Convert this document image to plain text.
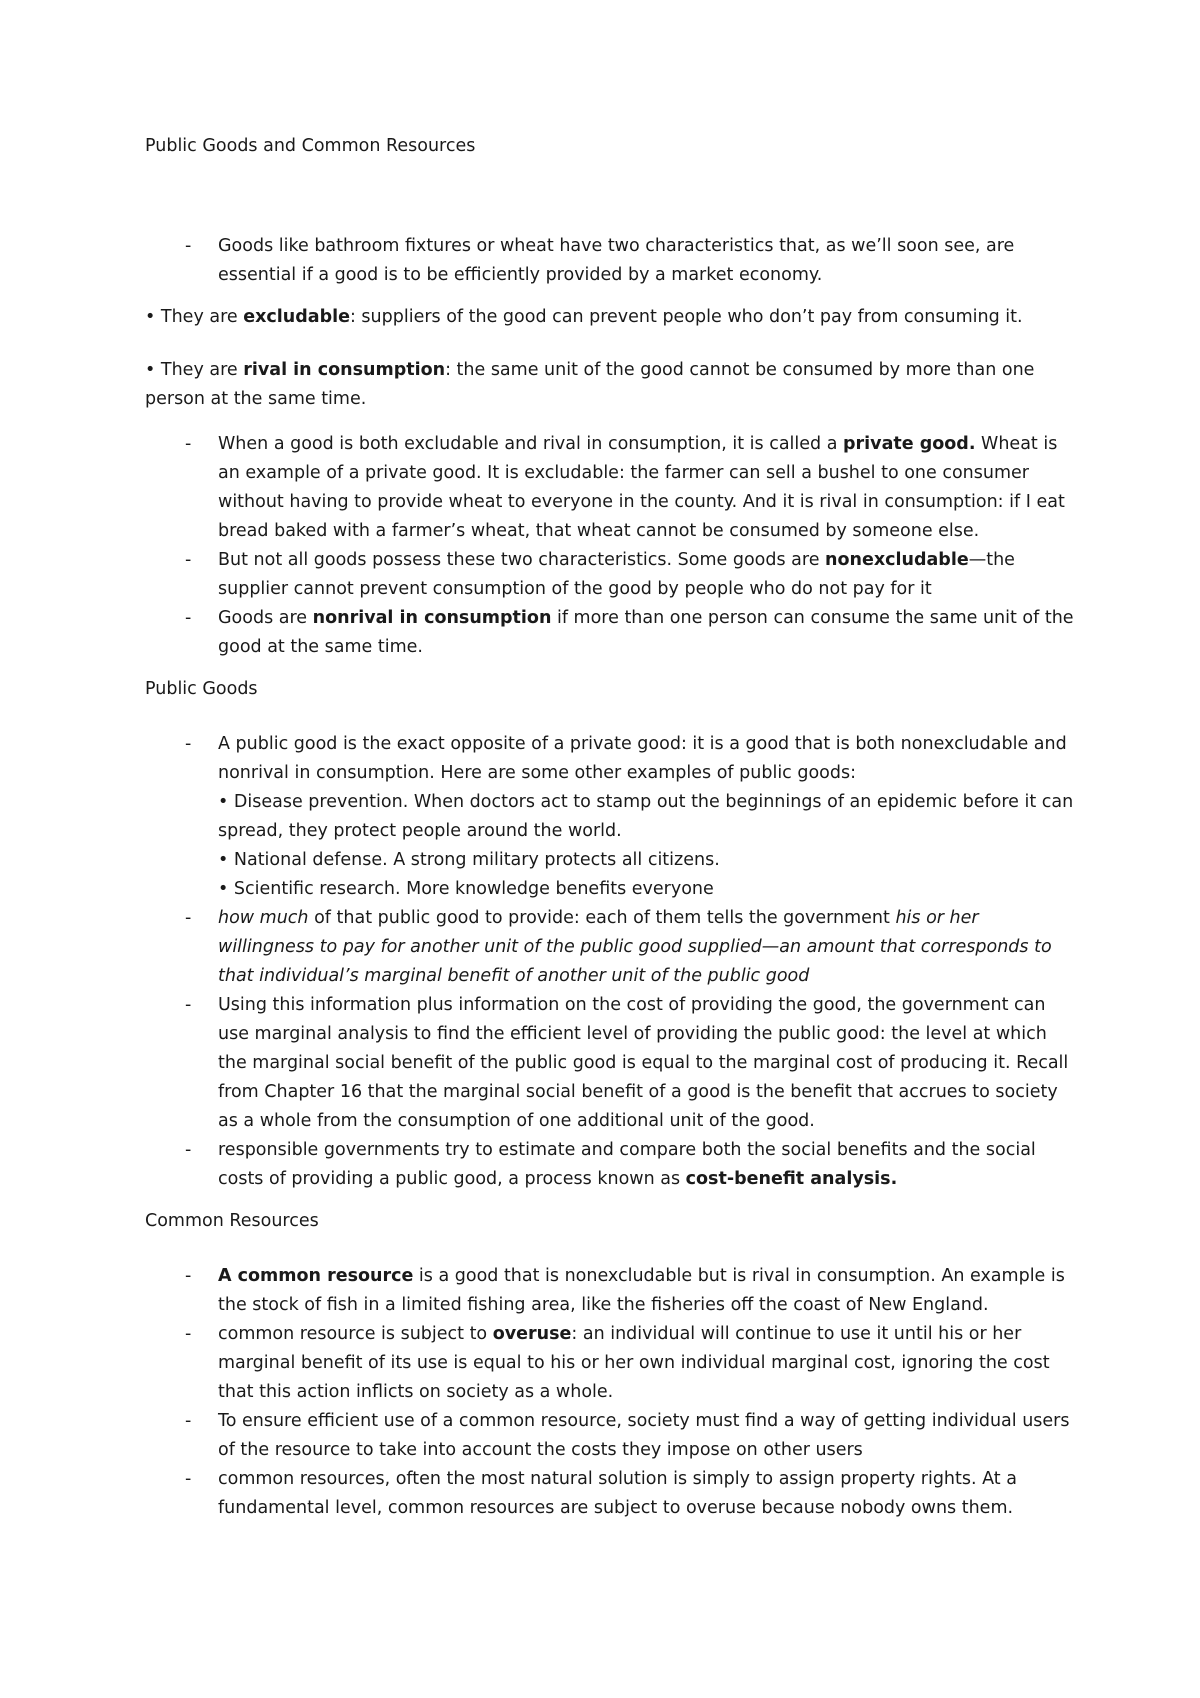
Public Goods and Common Resources
-	Goods like bathroom fixtures or wheat have two characteristics that, as we’ll soon see, are essential if a good is to be efficiently provided by a market economy.
• They are excludable: suppliers of the good can prevent people who don’t pay from consuming it.
• They are rival in consumption: the same unit of the good cannot be consumed by more than one person at the same time.
-	When a good is both excludable and rival in consumption, it is called a private good. Wheat is an example of a private good. It is excludable: the farmer can sell a bushel to one consumer without having to provide wheat to everyone in the county. And it is rival in consumption: if I eat bread baked with a farmer’s wheat, that wheat cannot be consumed by someone else.
-	But not all goods possess these two characteristics. Some goods are nonexcludable—the supplier cannot prevent consumption of the good by people who do not pay for it
-	Goods are nonrival in consumption if more than one person can consume the same unit of the good at the same time.
Public Goods
-	A public good is the exact opposite of a private good: it is a good that is both nonexcludable and nonrival in consumption. Here are some other examples of public goods:
• Disease prevention. When doctors act to stamp out the beginnings of an epidemic before it can spread, they protect people around the world.
• National defense. A strong military protects all citizens.
• Scientific research. More knowledge benefits everyone
-	how much of that public good to provide: each of them tells the government his or her willingness to pay for another unit of the public good supplied—an amount that corresponds to that individual’s marginal benefit of another unit of the public good
-	Using this information plus information on the cost of providing the good, the government can use marginal analysis to find the efficient level of providing the public good: the level at which the marginal social benefit of the public good is equal to the marginal cost of producing it. Recall from Chapter 16 that the marginal social benefit of a good is the benefit that accrues to society as a whole from the consumption of one additional unit of the good.
-	responsible governments try to estimate and compare both the social benefits and the social costs of providing a public good, a process known as cost-benefit analysis.
Common Resources
-	A common resource is a good that is nonexcludable but is rival in consumption. An example is the stock of fish in a limited fishing area, like the fisheries off the coast of New England.
-	common resource is subject to overuse: an individual will continue to use it until his or her marginal benefit of its use is equal to his or her own individual marginal cost, ignoring the cost that this action inflicts on society as a whole.
-	To ensure efficient use of a common resource, society must find a way of getting individual users of the resource to take into account the costs they impose on other users
-	common resources, often the most natural solution is simply to assign property rights. At a fundamental level, common resources are subject to overuse because nobody owns them.
